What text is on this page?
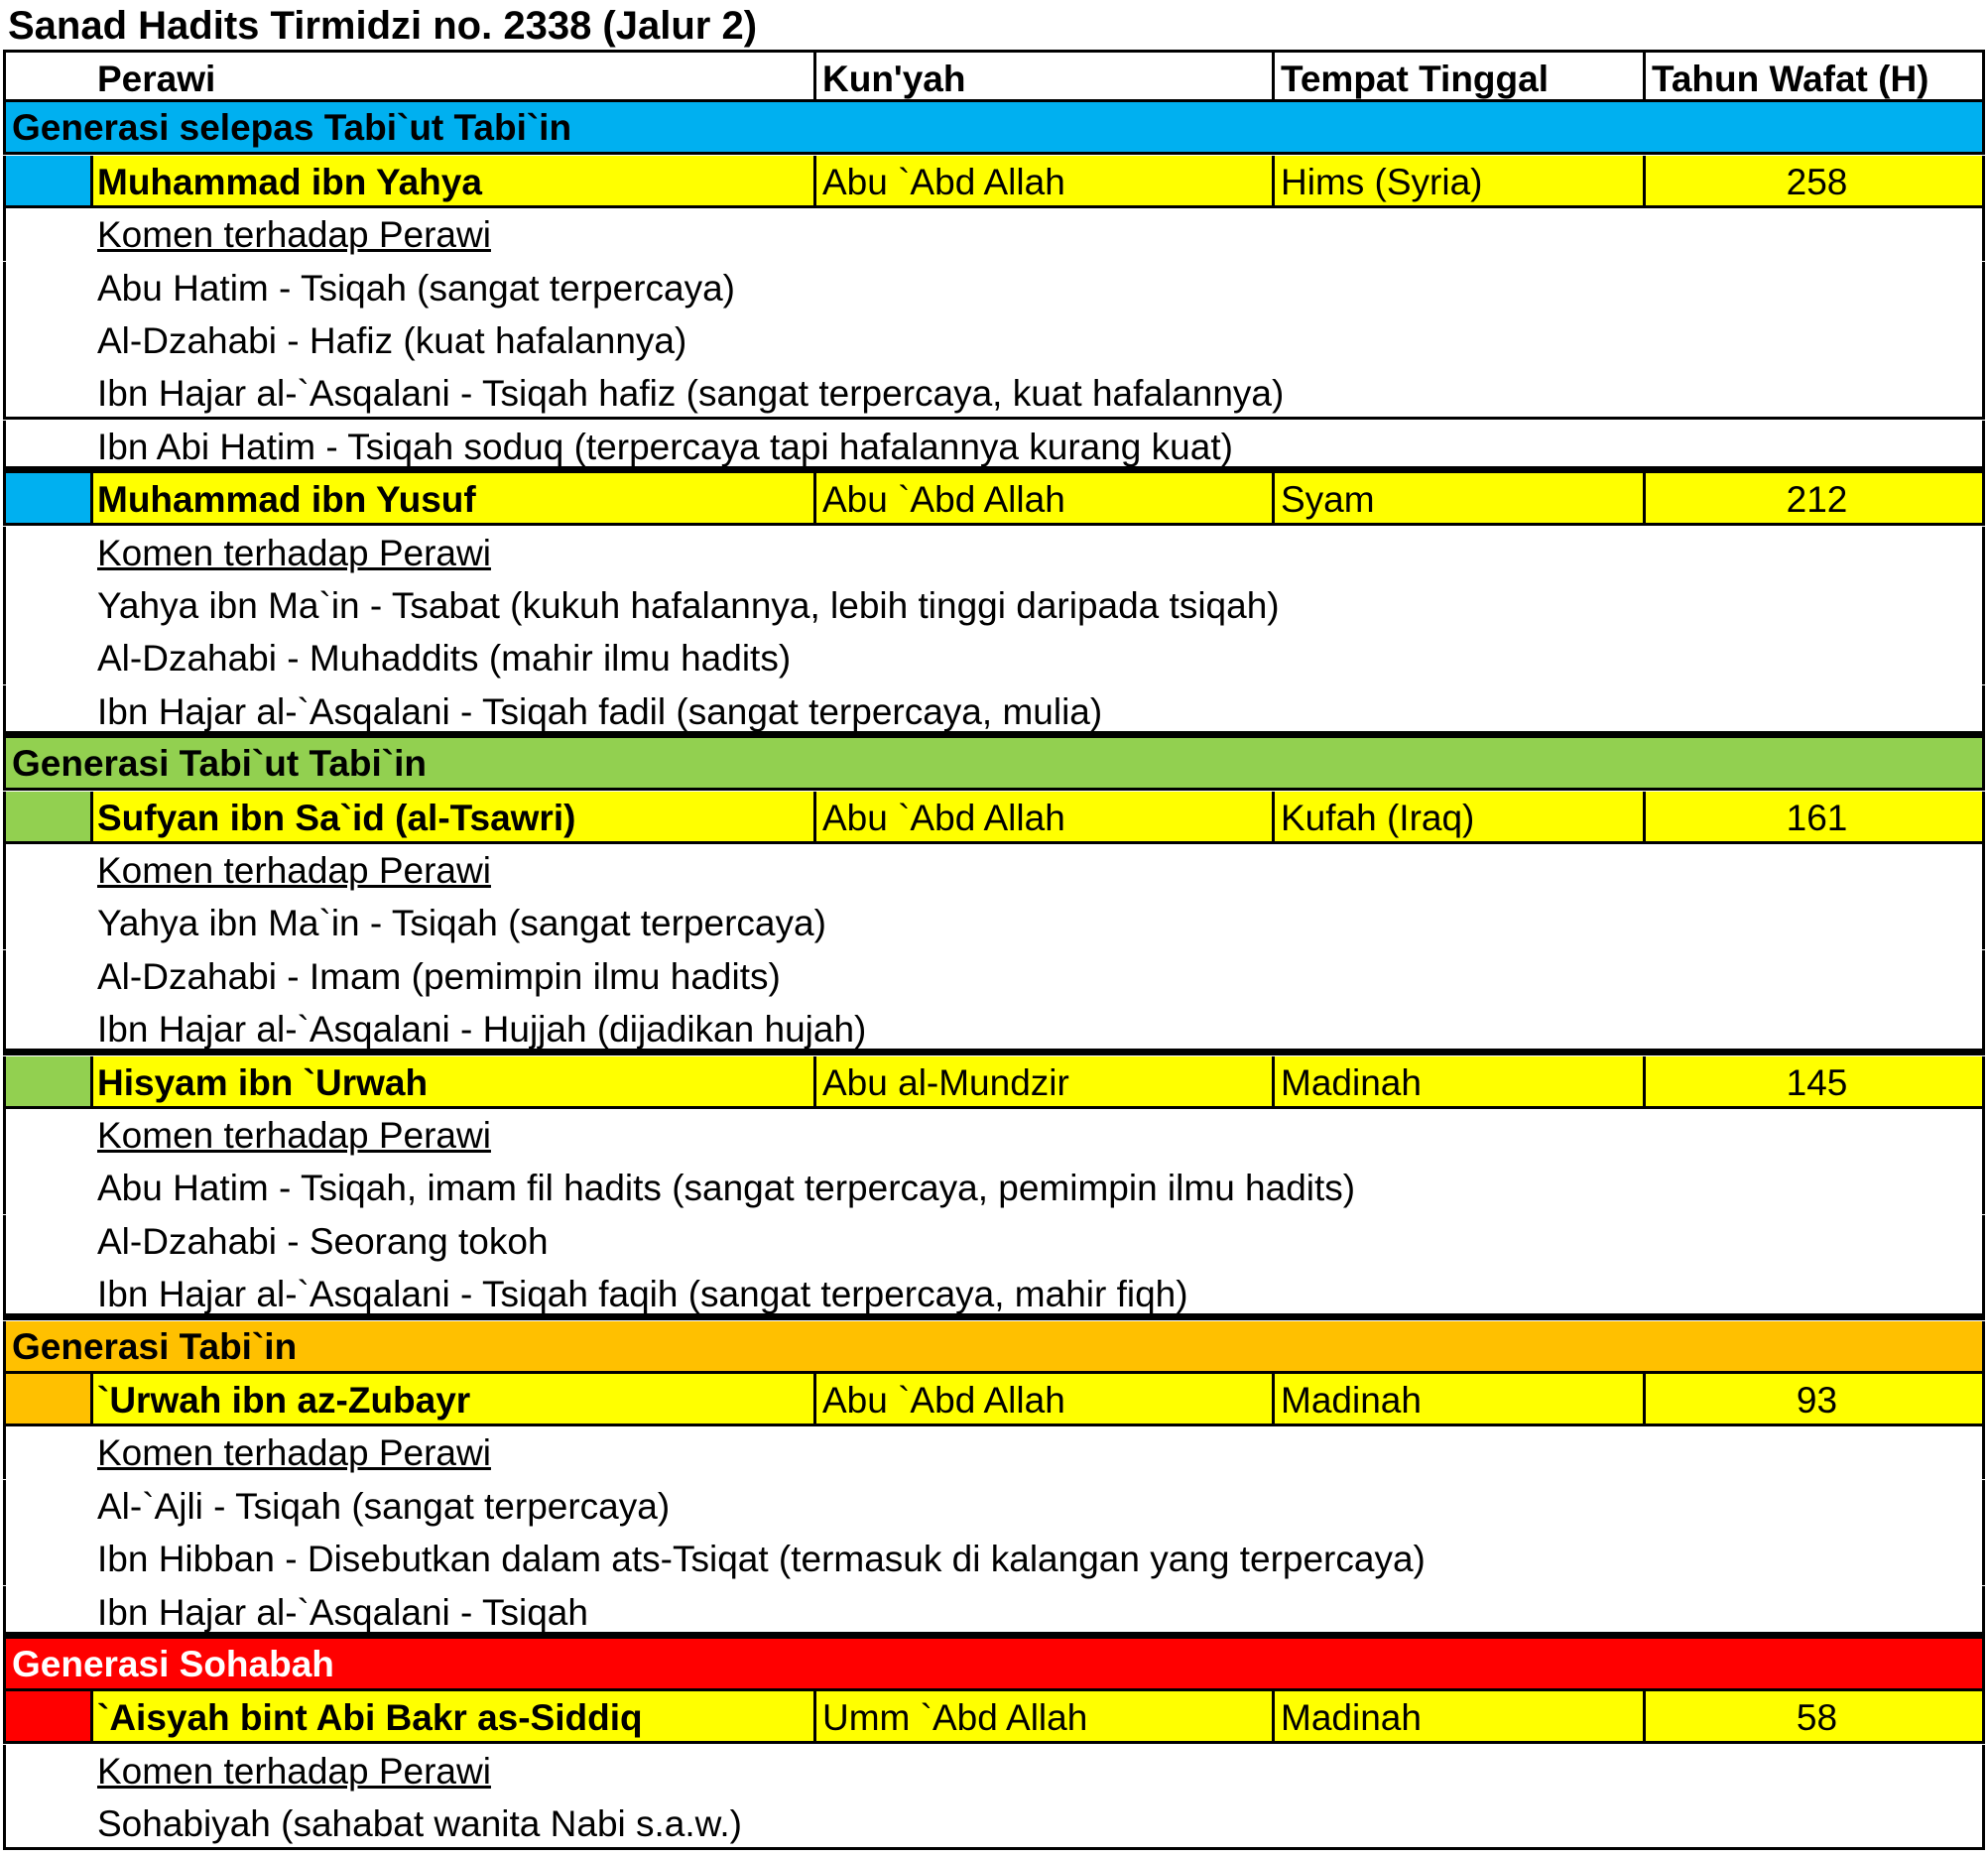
Sanad Hadits Tirmidzi no. 2338 (Jalur 2)
Perawi	Kun'yah	Tempat Tinggal	Tahun Wafat (H)
Generasi selepas Tabi`ut Tabi`in
Muhammad ibn Yahya	Abu `Abd Allah	Hims (Syria)	258
Komen terhadap Perawi
Abu Hatim - Tsiqah (sangat terpercaya)
Al-Dzahabi - Hafiz (kuat hafalannya)
Ibn Hajar al-`Asqalani - Tsiqah hafiz (sangat terpercaya, kuat hafalannya)
Ibn Abi Hatim - Tsiqah soduq (terpercaya tapi hafalannya kurang kuat)
Muhammad ibn Yusuf	Abu `Abd Allah	Syam	212
Komen terhadap Perawi
Yahya ibn Ma`in - Tsabat (kukuh hafalannya, lebih tinggi daripada tsiqah)
Al-Dzahabi - Muhaddits (mahir ilmu hadits)
Ibn Hajar al-`Asqalani - Tsiqah fadil (sangat terpercaya, mulia)
Generasi Tabi`ut Tabi`in
Sufyan ibn Sa`id (al-Tsawri)	Abu `Abd Allah	Kufah (Iraq)	161
Komen terhadap Perawi
Yahya ibn Ma`in - Tsiqah (sangat terpercaya)
Al-Dzahabi - Imam (pemimpin ilmu hadits)
Ibn Hajar al-`Asqalani - Hujjah (dijadikan hujah)
Hisyam ibn `Urwah	Abu al-Mundzir	Madinah	145
Komen terhadap Perawi
Abu Hatim - Tsiqah, imam fil hadits (sangat terpercaya, pemimpin ilmu hadits)
Al-Dzahabi - Seorang tokoh
Ibn Hajar al-`Asqalani - Tsiqah faqih (sangat terpercaya, mahir fiqh)
Generasi Tabi`in
`Urwah ibn az-Zubayr	Abu `Abd Allah	Madinah	93
Komen terhadap Perawi
Al-`Ajli - Tsiqah (sangat terpercaya)
Ibn Hibban - Disebutkan dalam ats-Tsiqat (termasuk di kalangan yang terpercaya)
Ibn Hajar al-`Asqalani - Tsiqah
Generasi Sohabah
`Aisyah bint Abi Bakr as-Siddiq	Umm `Abd Allah	Madinah	58
Komen terhadap Perawi
Sohabiyah (sahabat wanita Nabi s.a.w.)
